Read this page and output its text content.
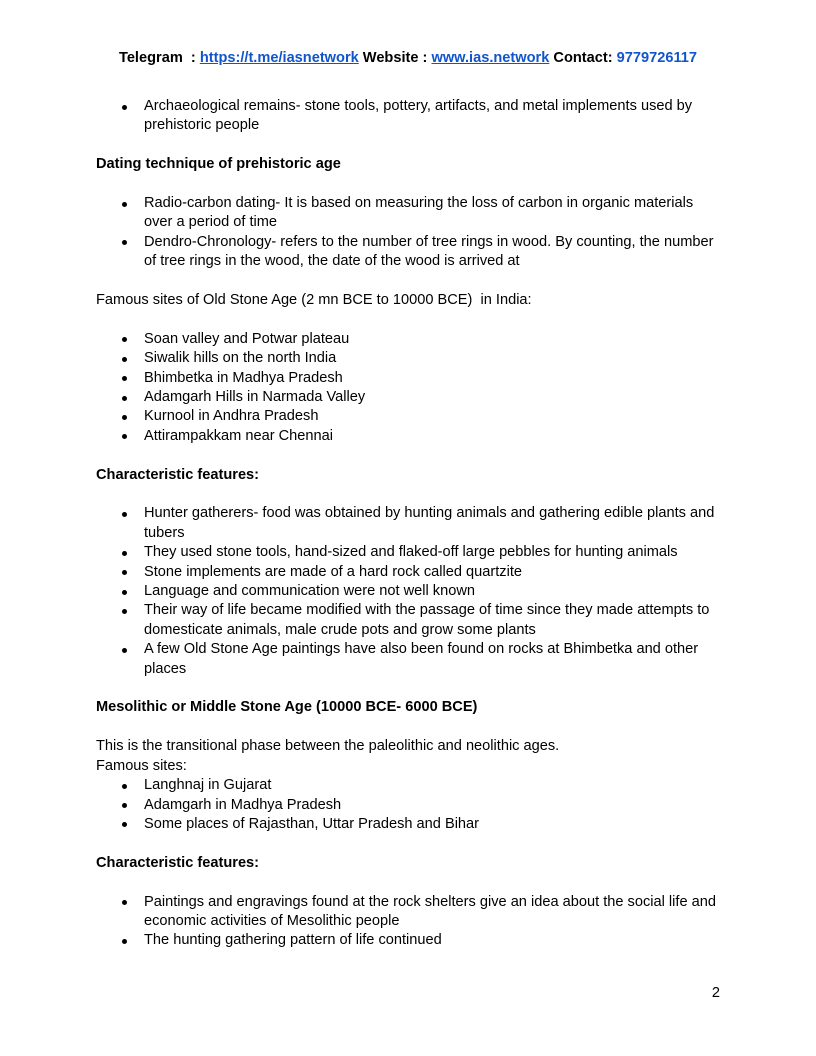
Telegram  : https://t.me/iasnetwork Website : www.ias.network Contact: 9779726117
Archaeological remains- stone tools, pottery, artifacts, and metal implements used by prehistoric people
Dating technique of prehistoric age
Radio-carbon dating- It is based on measuring the loss of carbon in organic materials over a period of time
Dendro-Chronology- refers to the number of tree rings in wood. By counting, the number of tree rings in the wood, the date of the wood is arrived at
Famous sites of Old Stone Age (2 mn BCE to 10000 BCE)  in India:
Soan valley and Potwar plateau
Siwalik hills on the north India
Bhimbetka in Madhya Pradesh
Adamgarh Hills in Narmada Valley
Kurnool in Andhra Pradesh
Attirampakkam near Chennai
Characteristic features:
Hunter gatherers- food was obtained by hunting animals and gathering edible plants and tubers
They used stone tools, hand-sized and flaked-off large pebbles for hunting animals
Stone implements are made of a hard rock called quartzite
Language and communication were not well known
Their way of life became modified with the passage of time since they made attempts to domesticate animals, male crude pots and grow some plants
A few Old Stone Age paintings have also been found on rocks at Bhimbetka and other places
Mesolithic or Middle Stone Age (10000 BCE- 6000 BCE)
This is the transitional phase between the paleolithic and neolithic ages.
Famous sites:
Langhnaj in Gujarat
Adamgarh in Madhya Pradesh
Some places of Rajasthan, Uttar Pradesh and Bihar
Characteristic features:
Paintings and engravings found at the rock shelters give an idea about the social life and economic activities of Mesolithic people
The hunting gathering pattern of life continued
2
